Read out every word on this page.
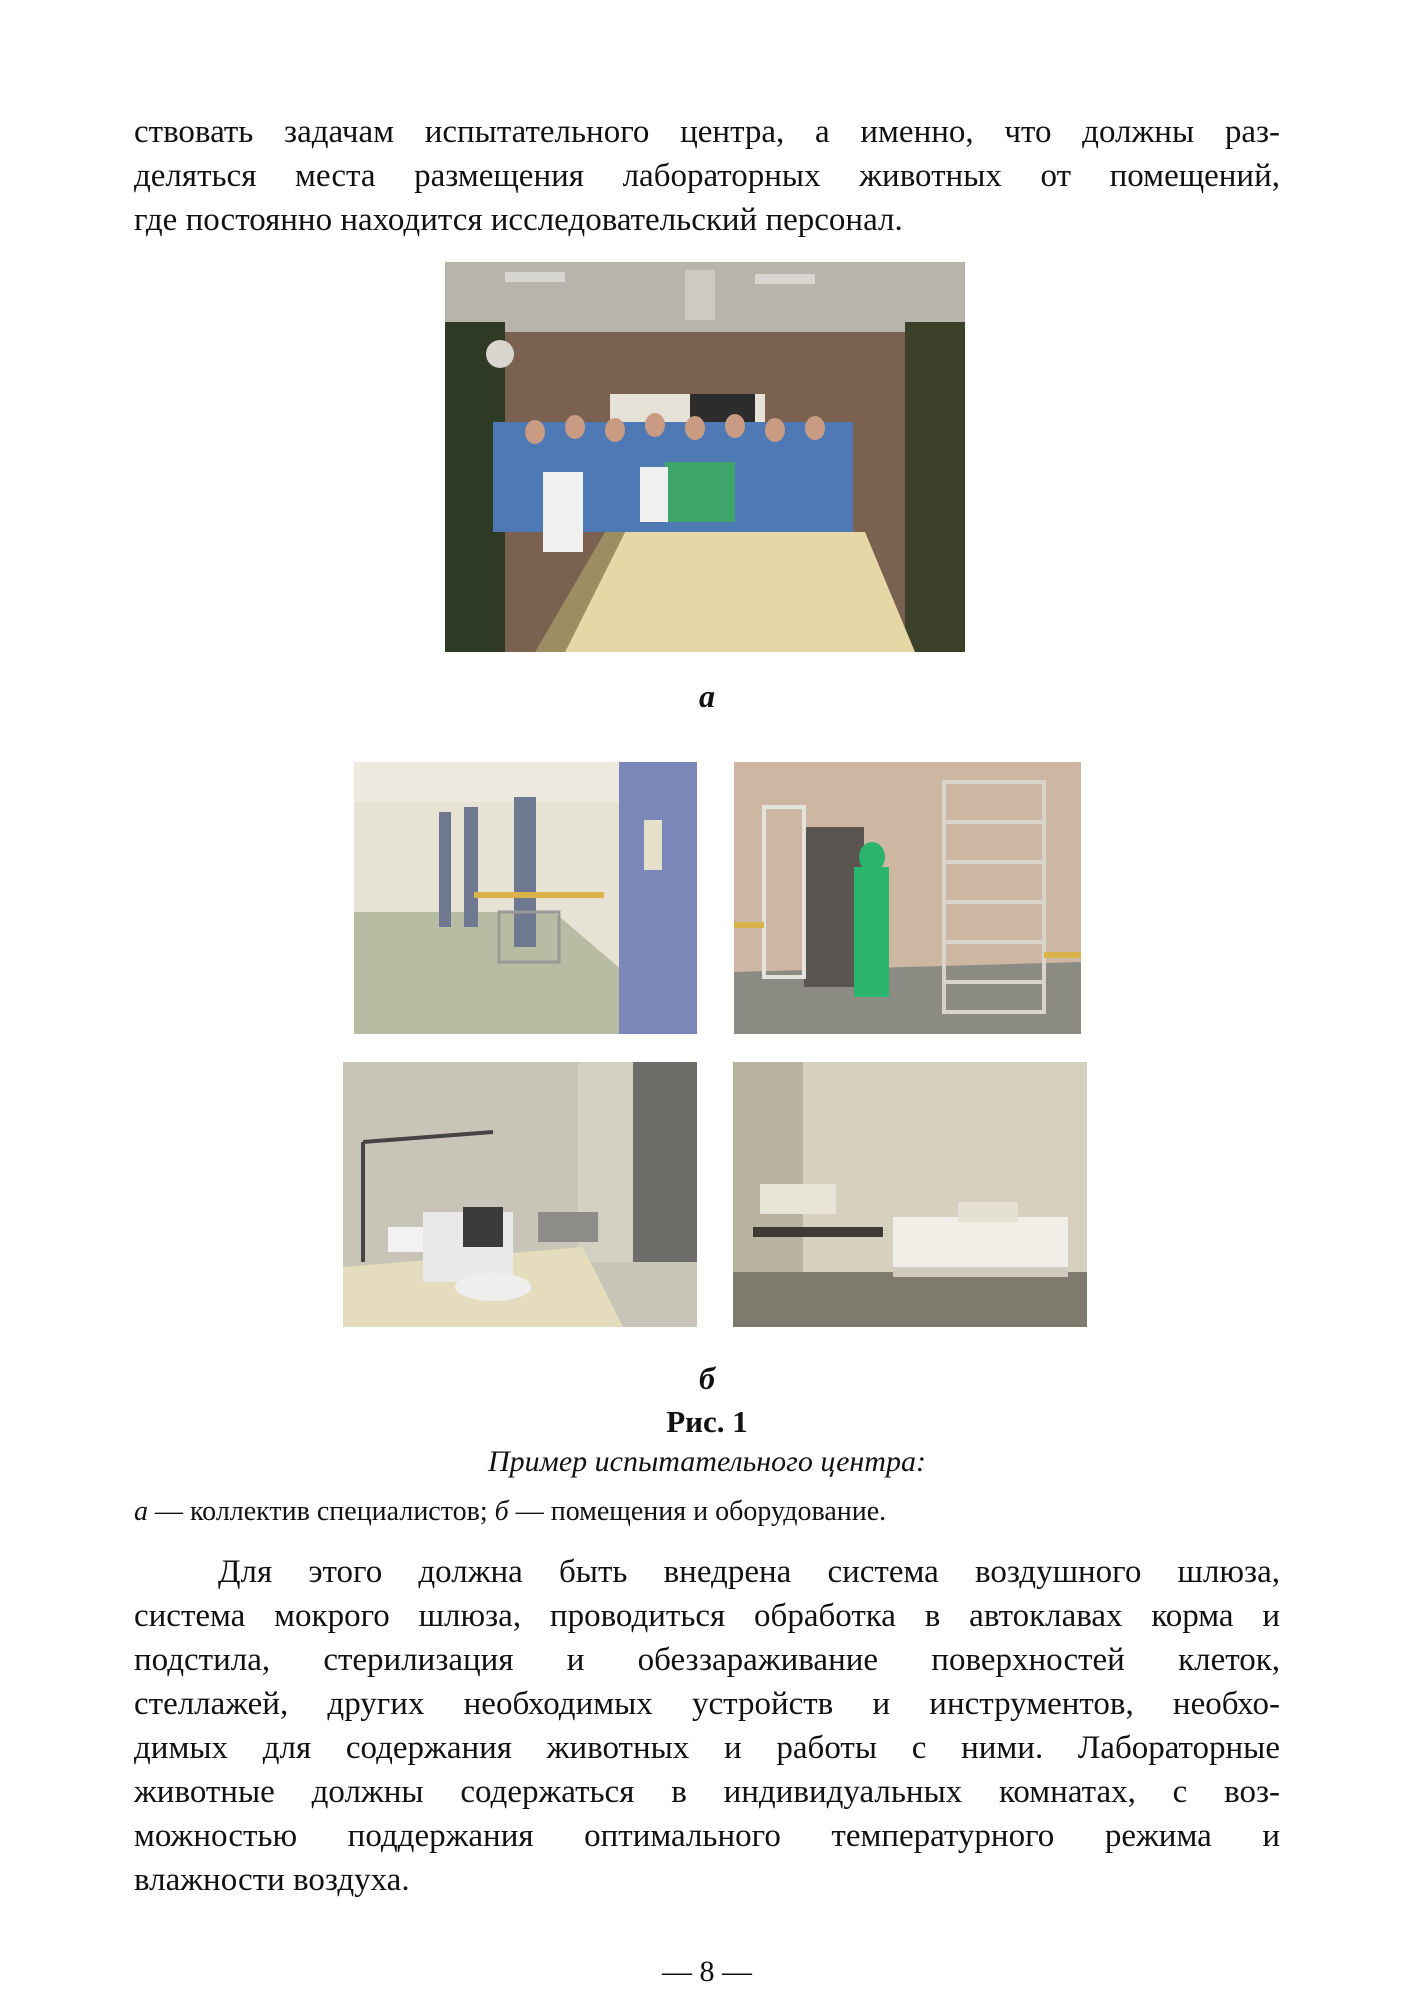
ствовать задачам испытательного центра, а именно, что должны раз-
деляться места размещения лабораторных животных от помещений,
где постоянно находится исследовательский персонал.
а
б
Рис. 1
Пример испытательного центра:
а — коллектив специалистов; б — помещения и оборудование.
Для этого должна быть внедрена система воздушного шлюза,
система мокрого шлюза, проводиться обработка в автоклавах корма и
подстила, стерилизация и обеззараживание поверхностей клеток,
стеллажей, других необходимых устройств и инструментов, необхо-
димых для содержания животных и работы с ними. Лабораторные
животные должны содержаться в индивидуальных комнатах, с воз-
можностью поддержания оптимального температурного режима и
влажности воздуха.
— 8 —
